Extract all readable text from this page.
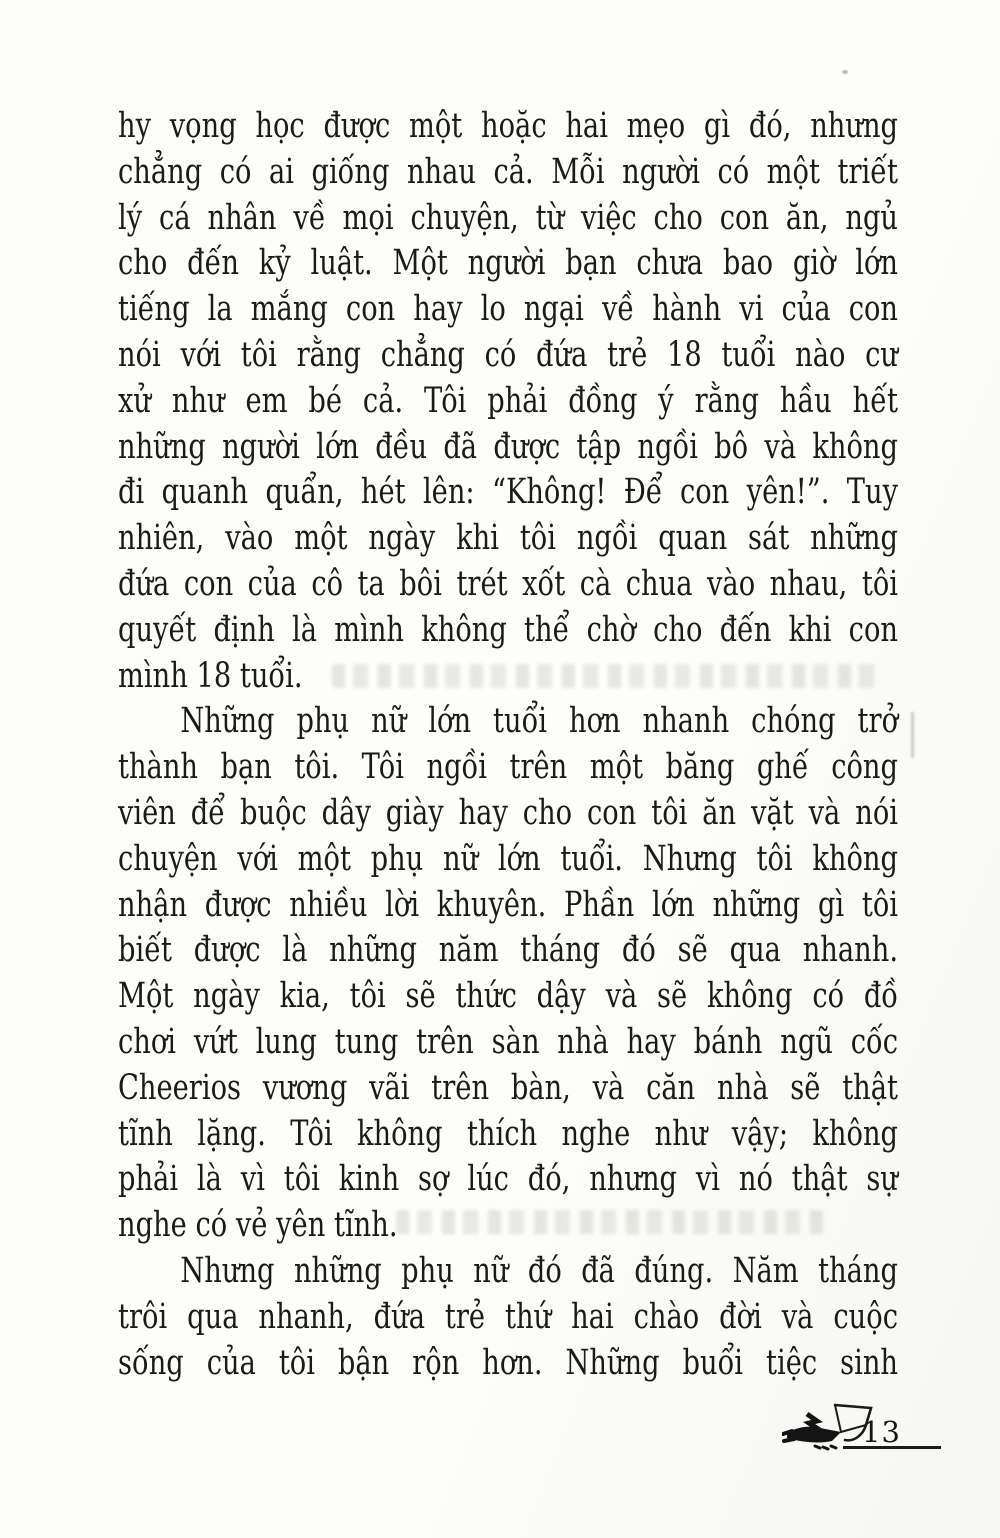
hy vọng học được một hoặc hai mẹo gì đó, nhưng
chẳng có ai giống nhau cả. Mỗi người có một triết
lý cá nhân về mọi chuyện, từ việc cho con ăn, ngủ
cho đến kỷ luật. Một người bạn chưa bao giờ lớn
tiếng la mắng con hay lo ngại về hành vi của con
nói với tôi rằng chẳng có đứa trẻ 18 tuổi nào cư
xử như em bé cả. Tôi phải đồng ý rằng hầu hết
những người lớn đều đã được tập ngồi bô và không
đi quanh quẩn, hét lên: “Không! Để con yên!”. Tuy
nhiên, vào một ngày khi tôi ngồi quan sát những
đứa con của cô ta bôi trét xốt cà chua vào nhau, tôi
quyết định là mình không thể chờ cho đến khi con
mình 18 tuổi.
Những phụ nữ lớn tuổi hơn nhanh chóng trở
thành bạn tôi. Tôi ngồi trên một băng ghế công
viên để buộc dây giày hay cho con tôi ăn vặt và nói
chuyện với một phụ nữ lớn tuổi. Nhưng tôi không
nhận được nhiều lời khuyên. Phần lớn những gì tôi
biết được là những năm tháng đó sẽ qua nhanh.
Một ngày kia, tôi sẽ thức dậy và sẽ không có đồ
chơi vứt lung tung trên sàn nhà hay bánh ngũ cốc
Cheerios vương vãi trên bàn, và căn nhà sẽ thật
tĩnh lặng. Tôi không thích nghe như vậy; không
phải là vì tôi kinh sợ lúc đó, nhưng vì nó thật sự
nghe có vẻ yên tĩnh.
Nhưng những phụ nữ đó đã đúng. Năm tháng
trôi qua nhanh, đứa trẻ thứ hai chào đời và cuộc
sống của tôi bận rộn hơn. Những buổi tiệc sinh
13
